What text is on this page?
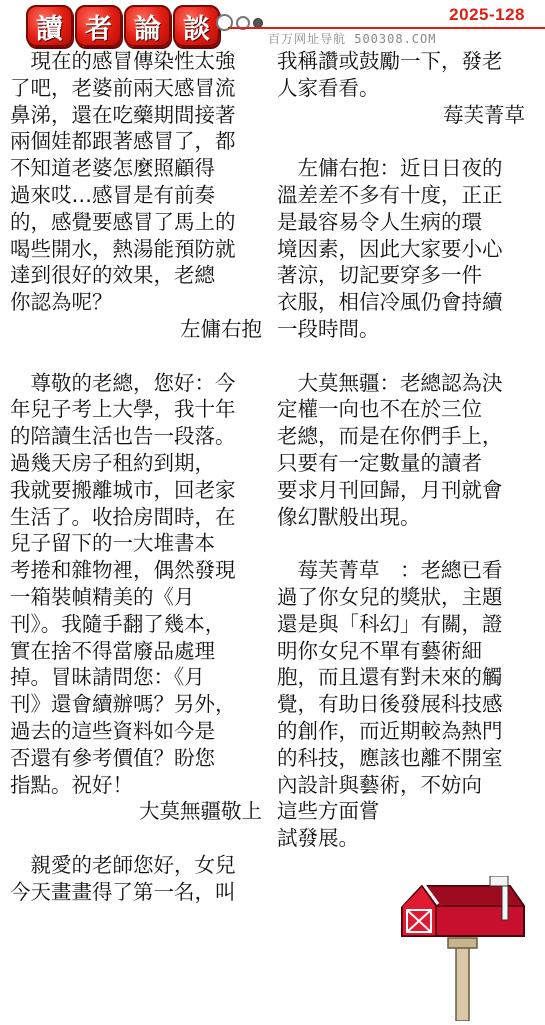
讀 者 論 談	2025-128
百万网址导航 500308.COM
　現在的感冒傳染性太強
了吧，老婆前兩天感冒流
鼻涕，還在吃藥期間接著
兩個娃都跟著感冒了，都
不知道老婆怎麼照顧得
過來哎…感冒是有前奏
的，感覺要感冒了馬上的
喝些開水，熱湯能預防就
達到很好的效果，老總
你認為呢？
左傭右抱
　尊敬的老總，您好：今
年兒子考上大學，我十年
的陪讀生活也告一段落。
過幾天房子租約到期，
我就要搬離城市，回老家
生活了。收拾房間時，在
兒子留下的一大堆書本
考捲和雜物裡，偶然發現
一箱裝幀精美的《月
刊》。我隨手翻了幾本，
實在捨不得當廢品處理
掉。冒昧請問您：《月
刊》還會續辦嗎？另外，
過去的這些資料如今是
否還有參考價值？盼您
指點。祝好！
大莫無疆敬上
　親愛的老師您好，女兒
今天畫畫得了第一名，叫
我稱讚或鼓勵一下，發老
人家看看。
莓芙菁草
　左傭右抱：近日日夜的
溫差差不多有十度，正正
是最容易令人生病的環
境因素，因此大家要小心
著涼，切記要穿多一件
衣服，相信冷風仍會持續
一段時間。
　大莫無疆：老總認為決
定權一向也不在於三位
老總，而是在你們手上，
只要有一定數量的讀者
要求月刊回歸，月刊就會
像幻獸般出現。
　莓芙菁草　：老總已看
過了你女兒的獎狀，主題
還是與「科幻」有關，證
明你女兒不單有藝術細
胞，而且還有對未來的觸
覺，有助日後發展科技感
的創作，而近期較為熱門
的科技，應該也離不開室
內設計與藝術，不妨向
這些方面嘗
試發展。
